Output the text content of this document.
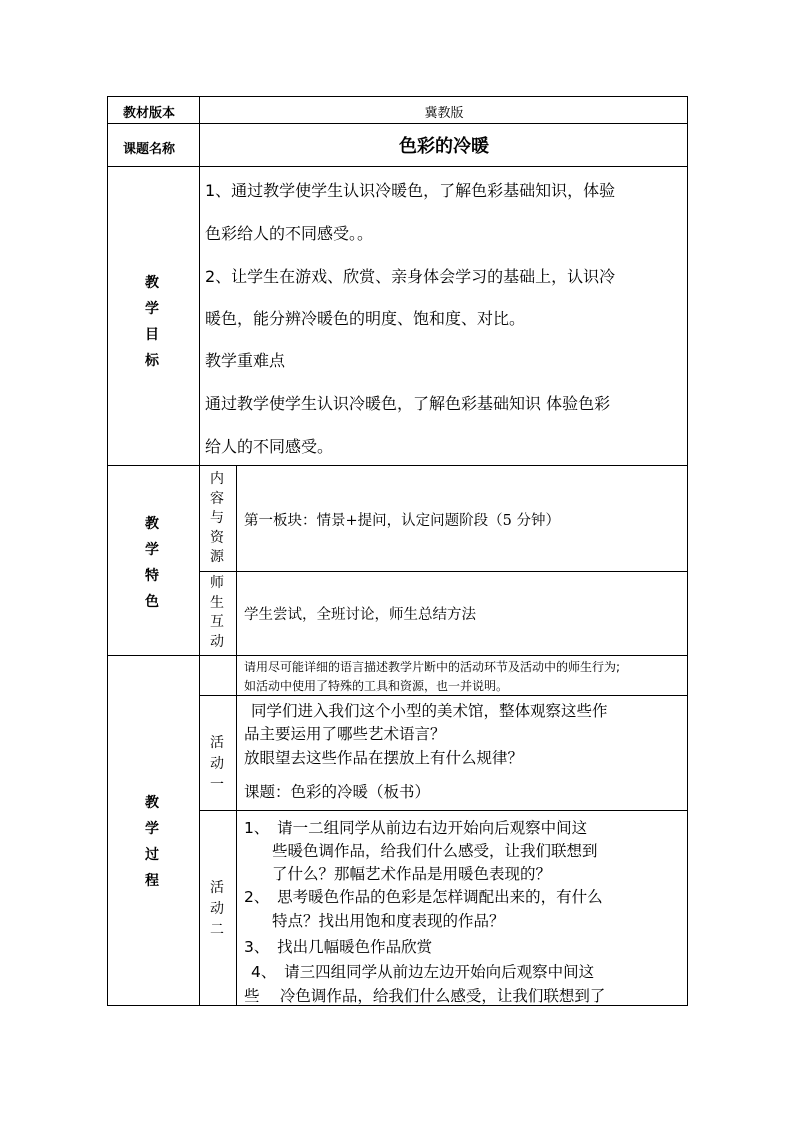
教材版本	冀教版
课题名称	色彩的冷暖
教
学
目
标
1、通过教学使学生认识冷暖色，了解色彩基础知识，体验
色彩给人的不同感受。。
2、让学生在游戏、欣赏、亲身体会学习的基础上，认识冷
暖色，能分辨冷暖色的明度、饱和度、对比。
教学重难点
通过教学使学生认识冷暖色，了解色彩基础知识 体验色彩
给人的不同感受。
教
学
特
色
内
容
与
资
源
第一板块：情景+提问，认定问题阶段（5 分钟）
师
生
互
动
学生尝试，全班讨论，师生总结方法
教
学
过
程
请用尽可能详细的语言描述教学片断中的活动环节及活动中的师生行为;
如活动中使用了特殊的工具和资源，也一并说明。
活
动
一
同学们进入我们这个小型的美术馆，整体观察这些作
品主要运用了哪些艺术语言？
放眼望去这些作品在摆放上有什么规律？
课题：色彩的冷暖（板书）
活
动
二
1、　请一二组同学从前边右边开始向后观察中间这
些暖色调作品，给我们什么感受，让我们联想到
了什么？那幅艺术作品是用暖色表现的？
2、　思考暖色作品的色彩是怎样调配出来的，有什么
特点？找出用饱和度表现的作品？
3、　找出几幅暖色作品欣赏
4、　请三四组同学从前边左边开始向后观察中间这
些　 冷色调作品，给我们什么感受，让我们联想到了
